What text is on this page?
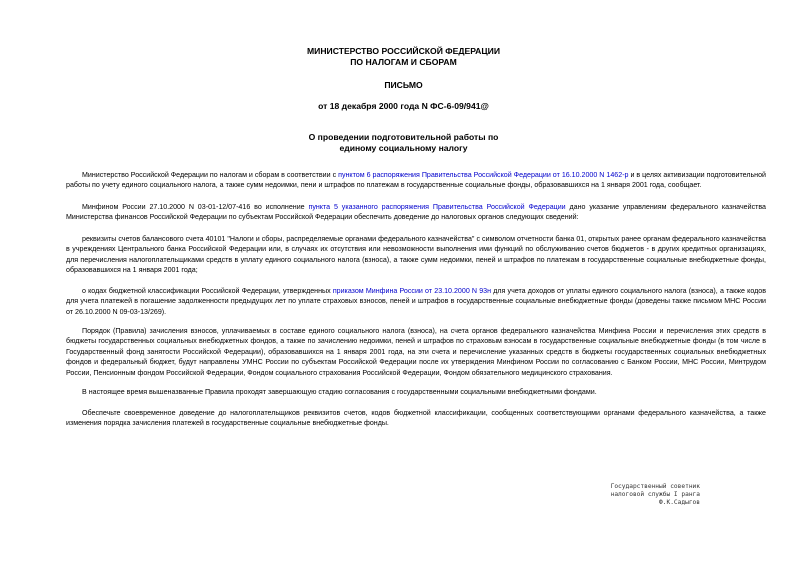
МИНИСТЕРСТВО РОССИЙСКОЙ ФЕДЕРАЦИИ
ПО НАЛОГАМ И СБОРАМ
ПИСЬМО
от 18 декабря 2000 года N ФС-6-09/941@
О проведении подготовительной работы по
единому социальному налогу

Министерство Российской Федерации по налогам и сборам в соответствии с пунктом 6 распоряжения Правительства Российской Федерации от 16.10.2000 N 1462-р и в целях активизации подготовительной работы по учету единого социального налога, а также сумм недоимки, пени и штрафов по платежам в государственные социальные фонды, образовавшихся на 1 января 2001 года, сообщает.

Минфином России 27.10.2000 N 03-01-12/07-416 во исполнение пункта 5 указанного распоряжения Правительства Российской Федерации дано указание управлениям федерального казначейства Министерства финансов Российской Федерации по субъектам Российской Федерации обеспечить доведение до налоговых органов следующих сведений:

реквизиты счетов балансового счета 40101 "Налоги и сборы, распределяемые органами федерального казначейства" с символом отчетности банка 01, открытых ранее органам федерального казначейства в учреждениях Центрального банка Российской Федерации или, в случаях их отсутствия или невозможности выполнения ими функций по обслуживанию счетов бюджетов - в других кредитных организациях, для перечисления налогоплательщиками средств в уплату единого социального налога (взноса), а также сумм недоимки, пеней и штрафов по платежам в государственные социальные внебюджетные фонды, образовавшихся на 1 января 2001 года;

о кодах бюджетной классификации Российской Федерации, утвержденных приказом Минфина России от 23.10.2000 N 93н для учета доходов от уплаты единого социального налога (взноса), а также кодов для учета платежей в погашение задолженности предыдущих лет по уплате страховых взносов, пеней и штрафов в государственные социальные внебюджетные фонды (доведены также письмом МНС России от 26.10.2000 N 09-03-13/269).

Порядок (Правила) зачисления взносов, уплачиваемых в составе единого социального налога (взноса), на счета органов федерального казначейства Минфина России и перечисления этих средств в бюджеты государственных социальных внебюджетных фондов, а также по зачислению недоимки, пеней и штрафов по страховым взносам в государственные социальные внебюджетные фонды (в том числе в Государственный фонд занятости Российской Федерации), образовавшихся на 1 января 2001 года, на эти счета и перечисление указанных средств в бюджеты государственных социальных внебюджетных фондов и федеральный бюджет, будут направлены УМНС России по субъектам Российской Федерации после их утверждения Минфином России по согласованию с Банком России, МНС России, Минтрудом России, Пенсионным фондом Российской Федерации, Фондом социального страхования Российской Федерации, Фондом обязательного медицинского страхования.

В настоящее время вышеназванные Правила проходят завершающую стадию согласования с государственными социальными внебюджетными фондами.

Обеспечьте своевременное доведение до налогоплательщиков реквизитов счетов, кодов бюджетной классификации, сообщенных соответствующими органами федерального казначейства, а также изменения порядка зачисления платежей в государственные социальные внебюджетные фонды.

Государственный советник
налоговой службы I ранга
Ф.К.Садыгов
